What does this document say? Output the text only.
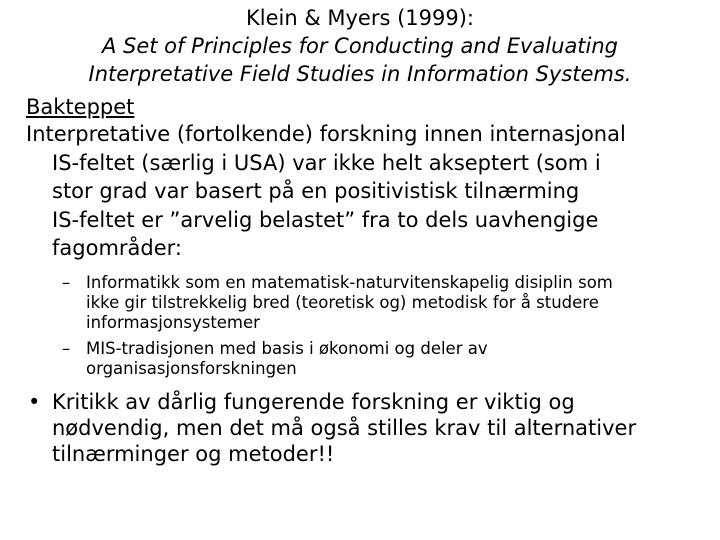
Klein & Myers (1999):
A Set of Principles for Conducting and Evaluating
Interpretative Field Studies in Information Systems.
Bakteppet
Interpretative (fortolkende) forskning innen internasjonal
IS-feltet (særlig i USA) var ikke helt akseptert (som i
stor grad var basert på en positivistisk tilnærming
IS-feltet er ”arvelig belastet” fra to dels uavhengige
fagområder:
– Informatikk som en matematisk-naturvitenskapelig disiplin som
ikke gir tilstrekkelig bred (teoretisk og) metodisk for å studere
informasjonsystemer
– MIS-tradisjonen med basis i økonomi og deler av
organisasjonsforskningen
• Kritikk av dårlig fungerende forskning er viktig og
nødvendig, men det må også stilles krav til alternativer
tilnærminger og metoder!!
